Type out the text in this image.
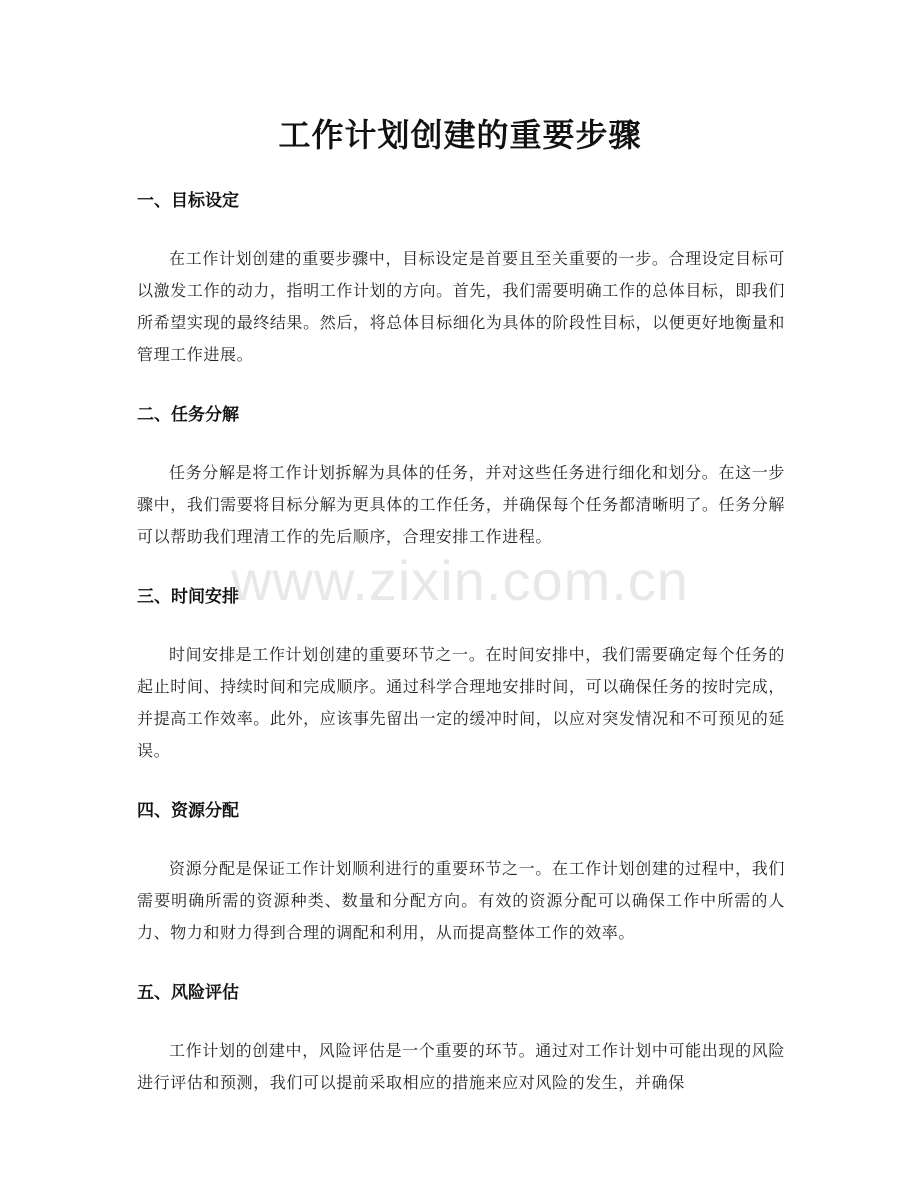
工作计划创建的重要步骤
一、目标设定

在工作计划创建的重要步骤中，目标设定是首要且至关重要的一步。合理设定目标可以激发工作的动力，指明工作计划的方向。首先，我们需要明确工作的总体目标，即我们所希望实现的最终结果。然后，将总体目标细化为具体的阶段性目标，以便更好地衡量和管理工作进展。

二、任务分解

任务分解是将工作计划拆解为具体的任务，并对这些任务进行细化和划分。在这一步骤中，我们需要将目标分解为更具体的工作任务，并确保每个任务都清晰明了。任务分解可以帮助我们理清工作的先后顺序，合理安排工作进程。

三、时间安排

时间安排是工作计划创建的重要环节之一。在时间安排中，我们需要确定每个任务的起止时间、持续时间和完成顺序。通过科学合理地安排时间，可以确保任务的按时完成，并提高工作效率。此外，应该事先留出一定的缓冲时间，以应对突发情况和不可预见的延误。

四、资源分配

资源分配是保证工作计划顺利进行的重要环节之一。在工作计划创建的过程中，我们需要明确所需的资源种类、数量和分配方向。有效的资源分配可以确保工作中所需的人力、物力和财力得到合理的调配和利用，从而提高整体工作的效率。

五、风险评估

工作计划的创建中，风险评估是一个重要的环节。通过对工作计划中可能出现的风险进行评估和预测，我们可以提前采取相应的措施来应对风险的发生，并确保

www.zixin.com.cn
